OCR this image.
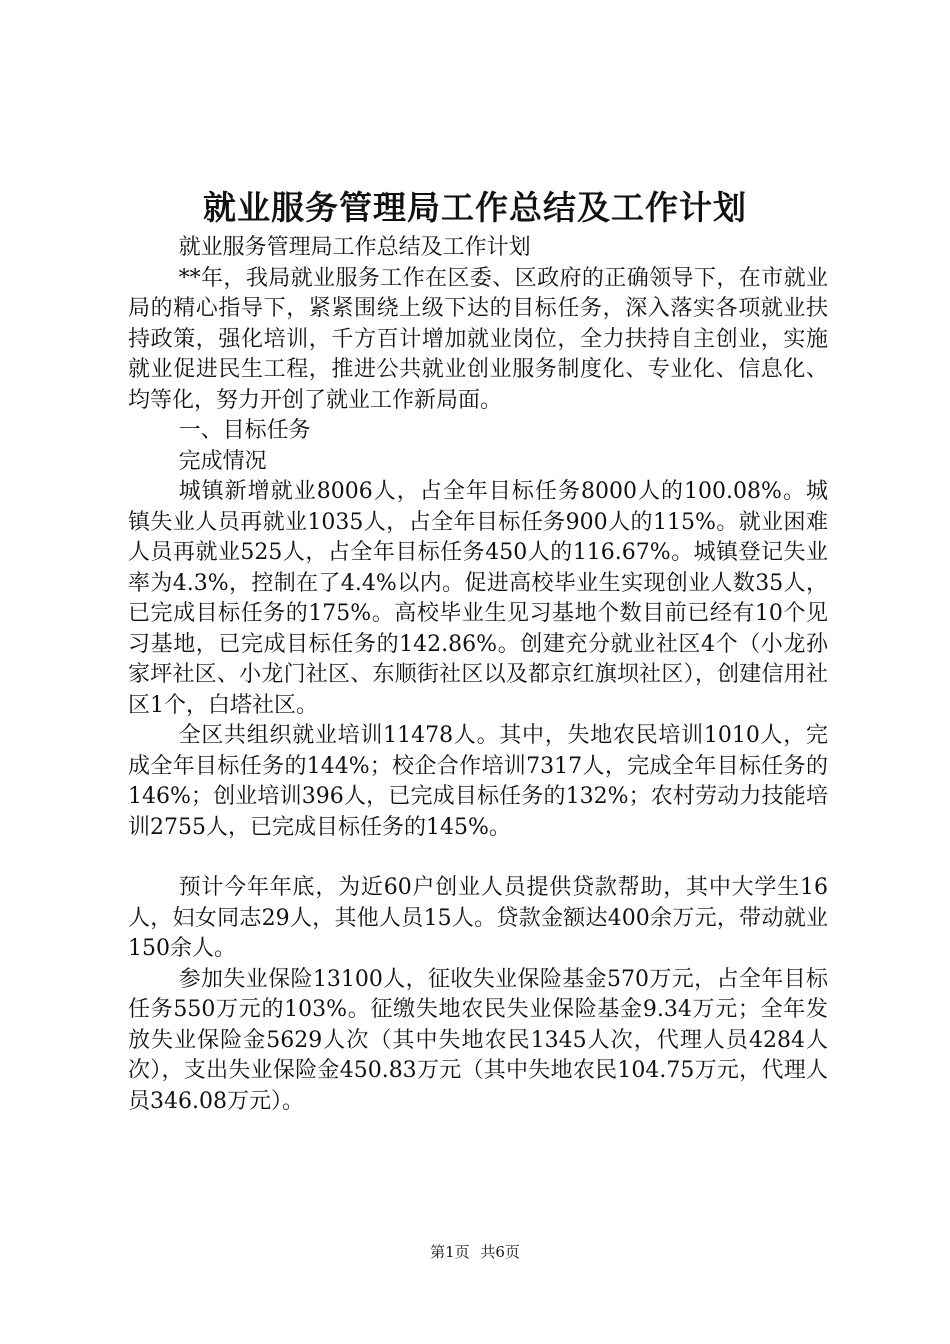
就业服务管理局工作总结及工作计划

就业服务管理局工作总结及工作计划

**年，我局就业服务工作在区委、区政府的正确领导下，在市就业局的精心指导下，紧紧围绕上级下达的目标任务，深入落实各项就业扶持政策，强化培训，千方百计增加就业岗位，全力扶持自主创业，实施就业促进民生工程，推进公共就业创业服务制度化、专业化、信息化、均等化，努力开创了就业工作新局面。

一、目标任务

完成情况

城镇新增就业8006人，占全年目标任务8000人的100.08%。城镇失业人员再就业1035人，占全年目标任务900人的115%。就业困难人员再就业525人，占全年目标任务450人的116.67%。城镇登记失业率为4.3%，控制在了4.4%以内。促进高校毕业生实现创业人数35人，已完成目标任务的175%。高校毕业生见习基地个数目前已经有10个见习基地，已完成目标任务的142.86%。创建充分就业社区4个（小龙孙家坪社区、小龙门社区、东顺街社区以及都京红旗坝社区），创建信用社区1个，白塔社区。

全区共组织就业培训11478人。其中，失地农民培训1010人，完成全年目标任务的144%；校企合作培训7317人，完成全年目标任务的146%；创业培训396人，已完成目标任务的132%；农村劳动力技能培训2755人，已完成目标任务的145%。

预计今年年底，为近60户创业人员提供贷款帮助，其中大学生16人，妇女同志29人，其他人员15人。贷款金额达400余万元，带动就业150余人。

参加失业保险13100人，征收失业保险基金570万元，占全年目标任务550万元的103%。征缴失地农民失业保险基金9.34万元；全年发放失业保险金5629人次（其中失地农民1345人次，代理人员4284人次），支出失业保险金450.83万元（其中失地农民104.75万元，代理人员346.08万元）。

第1页 共6页
